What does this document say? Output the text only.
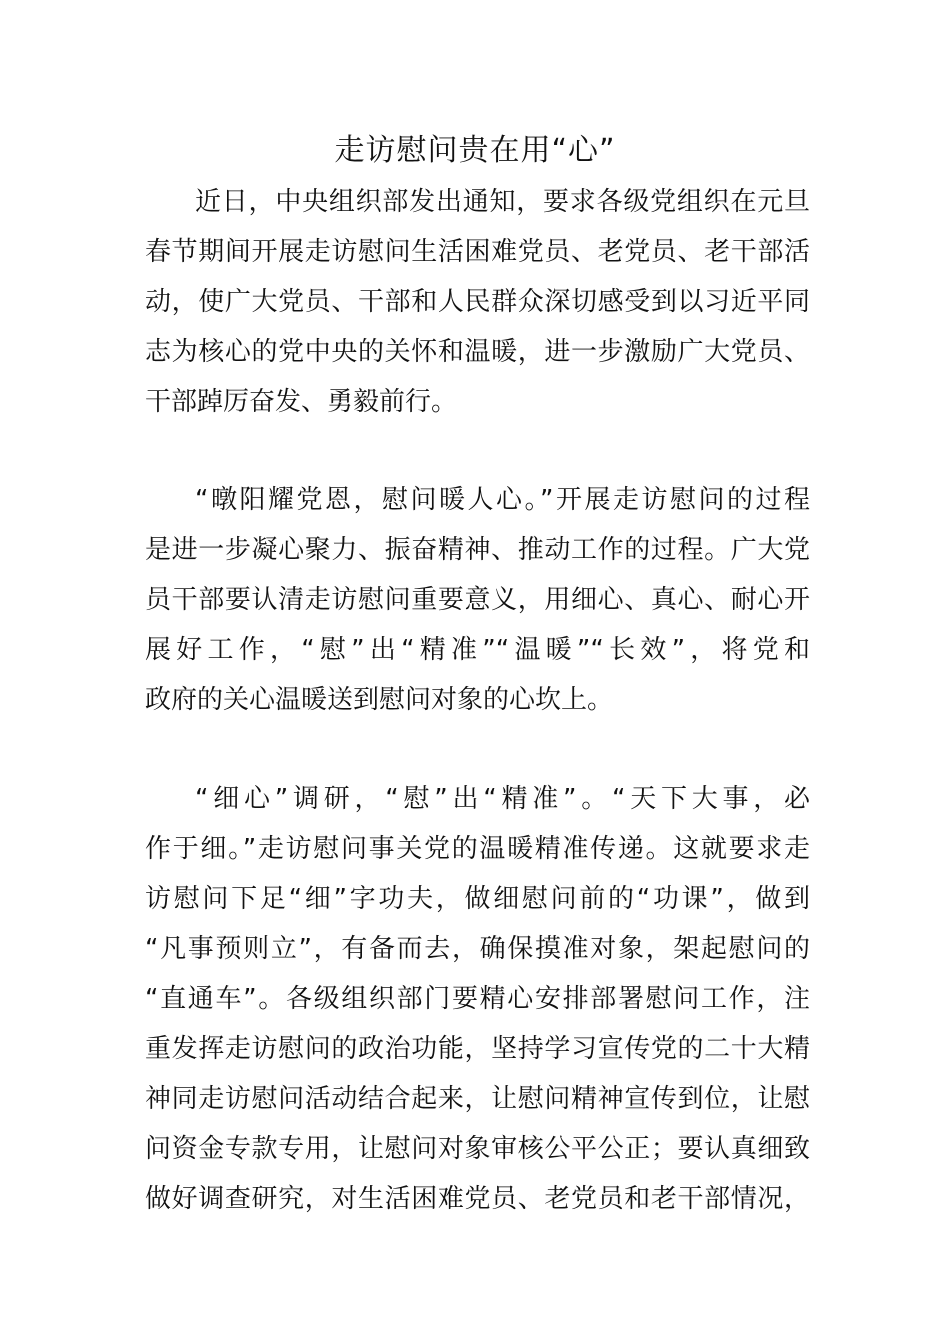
走访慰问贵在用“心”
近日，中央组织部发出通知，要求各级党组织在元旦
春节期间开展走访慰问生活困难党员、老党员、老干部活
动，使广大党员、干部和人民群众深切感受到以习近平同
志为核心的党中央的关怀和温暖，进一步激励广大党员、
干部踔厉奋发、勇毅前行。
“暾阳耀党恩，慰问暖人心。”开展走访慰问的过程
是进一步凝心聚力、振奋精神、推动工作的过程。广大党
员干部要认清走访慰问重要意义，用细心、真心、耐心开
展好工作，“慰”出“精准”“温暖”“长效”，将党和
政府的关心温暖送到慰问对象的心坎上。
“细心”调研，“慰”出“精准”。“天下大事，必
作于细。”走访慰问事关党的温暖精准传递。这就要求走
访慰问下足“细”字功夫，做细慰问前的“功课”，做到
“凡事预则立”，有备而去，确保摸准对象，架起慰问的
“直通车”。各级组织部门要精心安排部署慰问工作，注
重发挥走访慰问的政治功能，坚持学习宣传党的二十大精
神同走访慰问活动结合起来，让慰问精神宣传到位，让慰
问资金专款专用，让慰问对象审核公平公正；要认真细致
做好调查研究，对生活困难党员、老党员和老干部情况，
